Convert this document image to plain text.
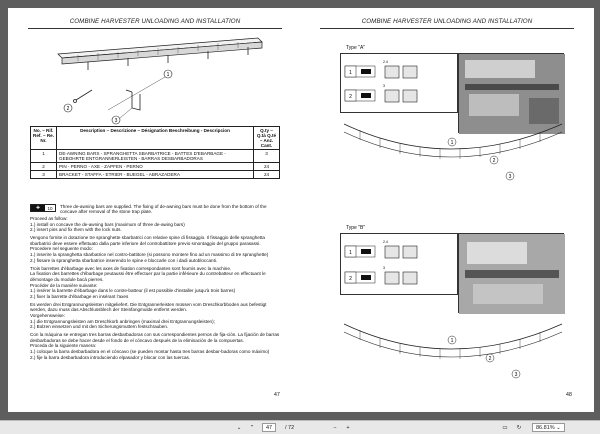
COMBINE HARVESTER UNLOADING AND INSTALLATION
1
2
3
No. – Rif. Ref. – Re. Nr.	Description – Descrizione – Désignation Beschreibung - Descripcion	Q.ty – Q.tà Q.té – Anz. Cant.
1	DE-AWNING BARS - SPRANGHETTA SBARBATRICE - BATTES D'EBARBAGE - GEBOHRTE ENTGRANNERLEISTEN - BARRAS DESBARBADORAS	3
2	PIN - PERNO - AXE - ZAPFEN - PERNO	24
3	BRACKET - STAFFA - ETRIER - BUEGEL - ABRAZADERA	24
✚	10	Three de-awning bars are supplied. The fixing of de-awning bars must be done from the bottom of the concave after removal of the stone trap plate.

Proceed as follow:

1.) install on concave the de-awning bars (maximum of three de-awing bars)

2.) insert pins and fix them with the lock nuts.

Vengono fornite in dotazione tre spranghette sbarbatrici con relative spine di fissaggio. Il fissaggio delle spranghetta sbarbatrici deve essere effettuato dalla parte inferiore del controbattitore previo smontaggio del gruppo parasassi. Procedere nel seguente modo:

1.) inserire la spranghetta sbarbatrice nel contro-battitore (si possono montere fino ad un massimo di tre spranghette)

2.) fissare la spranghetta sbarbatrice inserendo le spine e bloccarle con i dadi autobloccanti.

Trois barrettes d'ébarbage avec les axes de fixation correspondantes sont fournis avec la machine.

La fixation des barrettes d'ébarbage peutaussi être effectuer par la partie inférieure du contrebatteur en effectuant le démontage du module bacà pierres.

Procéder de la manière suivante:

1.) insérer la barrette d'ébarbage dans le contre-batteur (il est possible d'installer jusqu'à trois barres)

2.) fixer la barrette d'ébarbage en insérant l'axes

Es werden drei Entgrannungsleisten mitgeliefert. Die Entgrannerleisten müssen vom Dreschkorbboden aus befestigt werden, dazu muss das Abschlussblech der Steinfangmulde entfernt werden.

Vorgehensweise:

1.) die Entgrannungsleisten am Dreschkorb anbringen (maximal drei Entgrannungsleisten);

2.) Bolzen einsetzen und mit den Sicherungsmuttern festschrauben.

Con la máquina se entregan tres barras desbarbadoras con sus correspondientes pernos de fija-ción. La fijación de barras desbarbadoras se debe hacer desde el fondo de el cóncavo después de la eliminación de la compuertas.

Proceda de la siguiente manera:

1.) coloque la barra desbarbadora en el cóncavo (se pueden montar hasta tres barras desbar-badoras como máximo)

2.) fije la barra desbarbadora introduciendo elpasador y blocar con las tuercas.

47
COMBINE HARVESTER UNLOADING AND INSTALLATION
Type "A"
1
2
2.4
3
1
2
3
Type "B"
1
2
2.4
3
1
2
3
48
⌄	⌃	47	/ 72	−	+	▭	↻	86.81% ⌄
